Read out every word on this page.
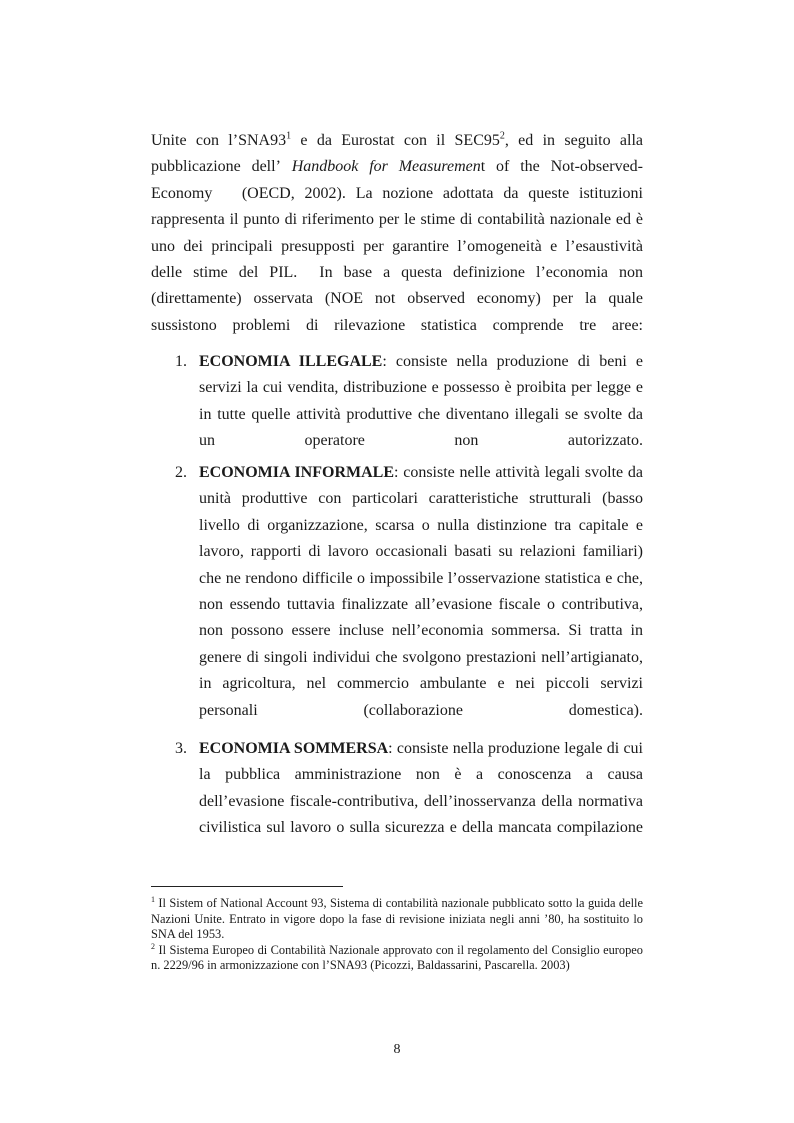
Unite con $l’SNA93^1$ e da Eurostat con il $SEC95^2$, ed in seguito alla
pubblicazione dell’ Handbook for Measurement of the Not-observed-
Economy   (OECD, 2002). La nozione adottata da queste istituzioni
rappresenta il punto di riferimento per le stime di contabilità nazionale ed è
uno dei principali presupposti per garantire l’omogeneità e l’esaustività
delle stime del PIL.  In base a questa definizione l’economia non
(direttamente) osservata (NOE not observed economy) per la quale
sussistono problemi di rilevazione statistica comprende tre aree:

1. ECONOMIA ILLEGALE: consiste nella produzione di beni e
servizi la cui vendita, distribuzione e possesso è proibita per legge e
in tutte quelle attività produttive che diventano illegali se svolte da
un operatore non autorizzato.

2. ECONOMIA INFORMALE: consiste nelle attività legali svolte da
unità produttive con particolari caratteristiche strutturali (basso
livello di organizzazione, scarsa o nulla distinzione tra capitale e
lavoro, rapporti di lavoro occasionali basati su relazioni familiari)
che ne rendono difficile o impossibile l’osservazione statistica e che,
non essendo tuttavia finalizzate all’evasione fiscale o contributiva,
non possono essere incluse nell’economia sommersa. Si tratta in
genere di singoli individui che svolgono prestazioni nell’artigianato,
in agricoltura, nel commercio ambulante e nei piccoli servizi
personali (collaborazione domestica).

3. ECONOMIA SOMMERSA: consiste nella produzione legale di cui
la pubblica amministrazione non è a conoscenza a causa
dell’evasione fiscale-contributiva, dell’inosservanza della normativa
civilistica sul lavoro o sulla sicurezza e della mancata compilazione

$^1$ Il Sistem of National Account 93, Sistema di contabilità nazionale pubblicato sotto la guida delle Nazioni Unite. Entrato in vigore dopo la fase di revisione iniziata negli anni ’80, ha sostituito lo SNA del 1953.
$^2$ Il Sistema Europeo di Contabilità Nazionale approvato con il regolamento del Consiglio europeo n. 2229/96 in armonizzazione con l’SNA93 (Picozzi, Baldassarini, Pascarella. 2003)
8
